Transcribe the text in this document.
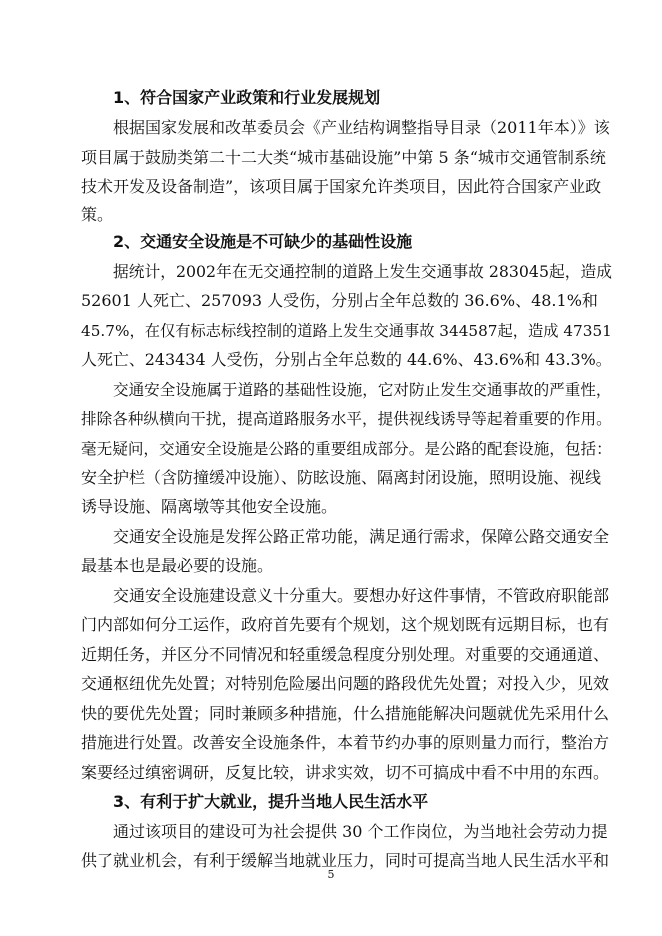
1、符合国家产业政策和行业发展规划
根据国家发展和改革委员会《产业结构调整指导目录（2011年本）》该
项目属于鼓励类第二十二大类“城市基础设施”中第 5 条“城市交通管制系统
技术开发及设备制造”，该项目属于国家允许类项目，因此符合国家产业政
策。
2、交通安全设施是不可缺少的基础性设施
据统计，2002年在无交通控制的道路上发生交通事故 283045起，造成
52601 人死亡、257093 人受伤，分别占全年总数的 36.6%、48.1%和
45.7%，在仅有标志标线控制的道路上发生交通事故 344587起，造成 47351
人死亡、243434 人受伤，分别占全年总数的 44.6%、43.6%和 43.3%。
交通安全设施属于道路的基础性设施，它对防止发生交通事故的严重性，
排除各种纵横向干扰，提高道路服务水平，提供视线诱导等起着重要的作用。
毫无疑问，交通安全设施是公路的重要组成部分。是公路的配套设施，包括：
安全护栏（含防撞缓冲设施）、防眩设施、隔离封闭设施，照明设施、视线
诱导设施、隔离墩等其他安全设施。
交通安全设施是发挥公路正常功能，满足通行需求，保障公路交通安全
最基本也是最必要的设施。
交通安全设施建设意义十分重大。要想办好这件事情，不管政府职能部
门内部如何分工运作，政府首先要有个规划，这个规划既有远期目标，也有
近期任务，并区分不同情况和轻重缓急程度分别处理。对重要的交通通道、
交通枢纽优先处置；对特别危险屡出问题的路段优先处置；对投入少，见效
快的要优先处置；同时兼顾多种措施，什么措施能解决问题就优先采用什么
措施进行处置。改善安全设施条件，本着节约办事的原则量力而行，整治方
案要经过缜密调研，反复比较，讲求实效，切不可搞成中看不中用的东西。
3、有利于扩大就业，提升当地人民生活水平
通过该项目的建设可为社会提供 30 个工作岗位，为当地社会劳动力提
供了就业机会，有利于缓解当地就业压力，同时可提高当地人民生活水平和
5
